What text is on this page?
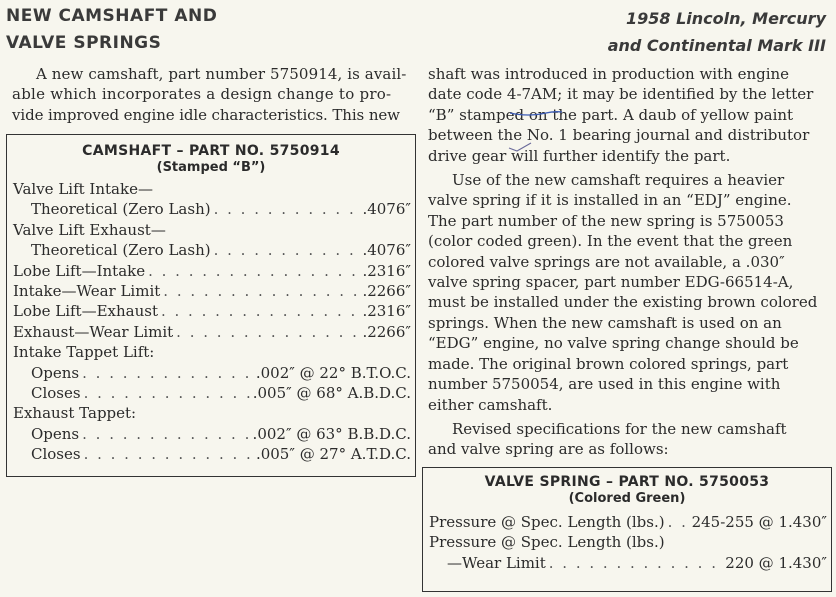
NEW CAMSHAFT AND
VALVE SPRINGS
1958 Lincoln, Mercury
and Continental Mark III
A new camshaft, part number 5750914, is avail-
able which incorporates a design change to pro-
vide improved engine idle characteristics. This new
CAMSHAFT – PART NO. 5750914
(Stamped “B”)
Valve Lift Intake—
Theoretical (Zero Lash) . . .	.4076″
Valve Lift Exhaust—
Theoretical (Zero Lash) . . .	.4076″
Lobe Lift—Intake . . .	.2316″
Intake—Wear Limit . . .	.2266″
Lobe Lift—Exhaust . . .	.2316″
Exhaust—Wear Limit . . .	.2266″
Intake Tappet Lift:
Opens . . .	.002″ @ 22° B.T.O.C.
Closes . . .	.005″ @ 68° A.B.D.C.
Exhaust Tappet:
Opens . . .	.002″ @ 63° B.B.D.C.
Closes . . .	.005″ @ 27° A.T.D.C.
shaft was introduced in production with engine
date code 4-7AM; it may be identified by the letter
“B” stamped on the part. A daub of yellow paint
between the No. 1 bearing journal and distributor
drive gear will further identify the part.
Use of the new camshaft requires a heavier
valve spring if it is installed in an “EDJ” engine.
The part number of the new spring is 5750053
(color coded green). In the event that the green
colored valve springs are not available, a .030″
valve spring spacer, part number EDG-66514-A,
must be installed under the existing brown colored
springs. When the new camshaft is used on an
“EDG” engine, no valve spring change should be
made. The original brown colored springs, part
number 5750054, are used in this engine with
either camshaft.
Revised specifications for the new camshaft
and valve spring are as follows:
VALVE SPRING – PART NO. 5750053
(Colored Green)
Pressure @ Spec. Length (lbs.) . . . 245-255 @ 1.430″
Pressure @ Spec. Length (lbs.)
—Wear Limit . . .	220 @ 1.430″
